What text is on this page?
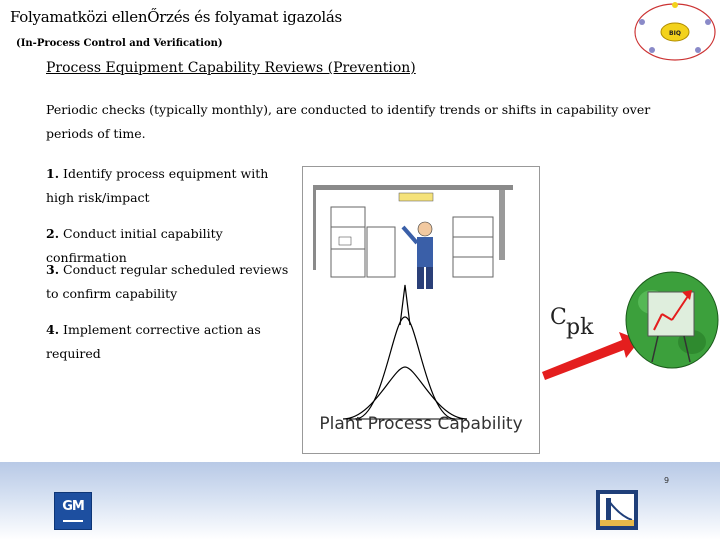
Folyamatközi ellenŐrzés és folyamat igazolás
(In-Process Control and Verification)
BIQ
Process Equipment Capability Reviews (Prevention)
Periodic checks (typically monthly), are conducted to identify trends or shifts in capability over periods of time.
1. Identify process equipment with high risk/impact
2. Conduct initial capability confirmation
3. Conduct regular scheduled reviews to confirm capability
4. Implement corrective action as required
Plant Process Capability
C pk
GM
9
